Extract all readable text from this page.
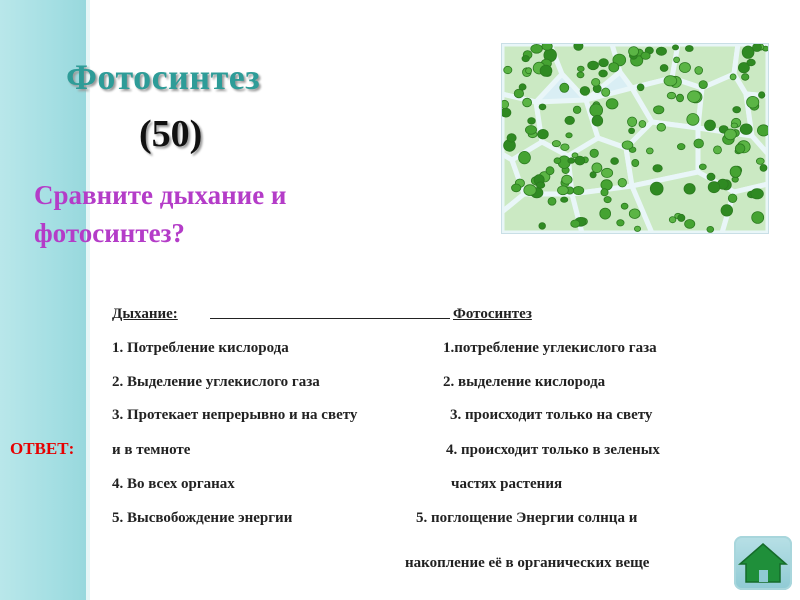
Фотосинтез
(50)
Сравните дыхание и фотосинтез?
ОТВЕТ:
Дыхание:	Фотосинтез
1. Потребление кислорода	1.потребление углекислого газа
2. Выделение углекислого газа	2. выделение кислорода
3. Протекает непрерывно и на свету	3. происходит только на свету
и в темноте	4. происходит только в зеленых
4. Во всех органах	частях растения
5. Высвобождение энергии	5. поглощение Энергии солнца и
накопление её в органических веще
